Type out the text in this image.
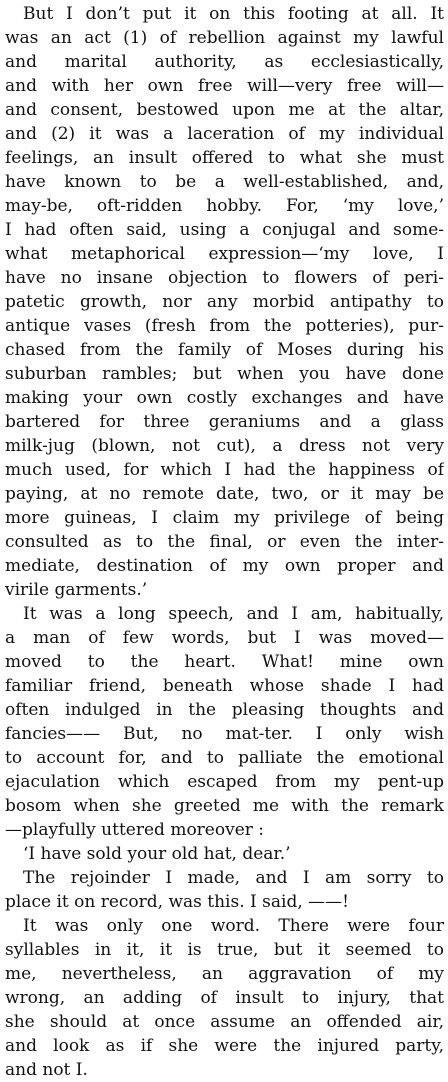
But I don’t put it on this footing at all. It
was an act (1) of rebellion against my lawful
and marital authority, as ecclesiastically,
and with her own free will—very free will—
and consent, bestowed upon me at the altar,
and (2) it was a laceration of my individual
feelings, an insult offered to what she must
have known to be a well-established, and,
may-be, oft-ridden hobby. For, ‘my love,’
I had often said, using a conjugal and some-
what metaphorical expression—‘my love, I
have no insane objection to flowers of peri-
patetic growth, nor any morbid antipathy to
antique vases (fresh from the potteries), pur-
chased from the family of Moses during his
suburban rambles; but when you have done
making your own costly exchanges and have
bartered for three geraniums and a glass
milk-jug (blown, not cut), a dress not very
much used, for which I had the happiness of
paying, at no remote date, two, or it may be
more guineas, I claim my privilege of being
consulted as to the final, or even the inter-
mediate, destination of my own proper and
virile garments.’
It was a long speech, and I am, habitually,
a man of few words, but I was moved—
moved to the heart. What! mine own
familiar friend, beneath whose shade I had
often indulged in the pleasing thoughts and
fancies—— But, no mat-ter. I only wish
to account for, and to palliate the emotional
ejaculation which escaped from my pent-up
bosom when she greeted me with the remark
—playfully uttered moreover :
‘I have sold your old hat, dear.’
The rejoinder I made, and I am sorry to
place it on record, was this. I said, ——!
It was only one word. There were four
syllables in it, it is true, but it seemed to
me, nevertheless, an aggravation of my
wrong, an adding of insult to injury, that
she should at once assume an offended air,
and look as if she were the injured party,
and not I.
